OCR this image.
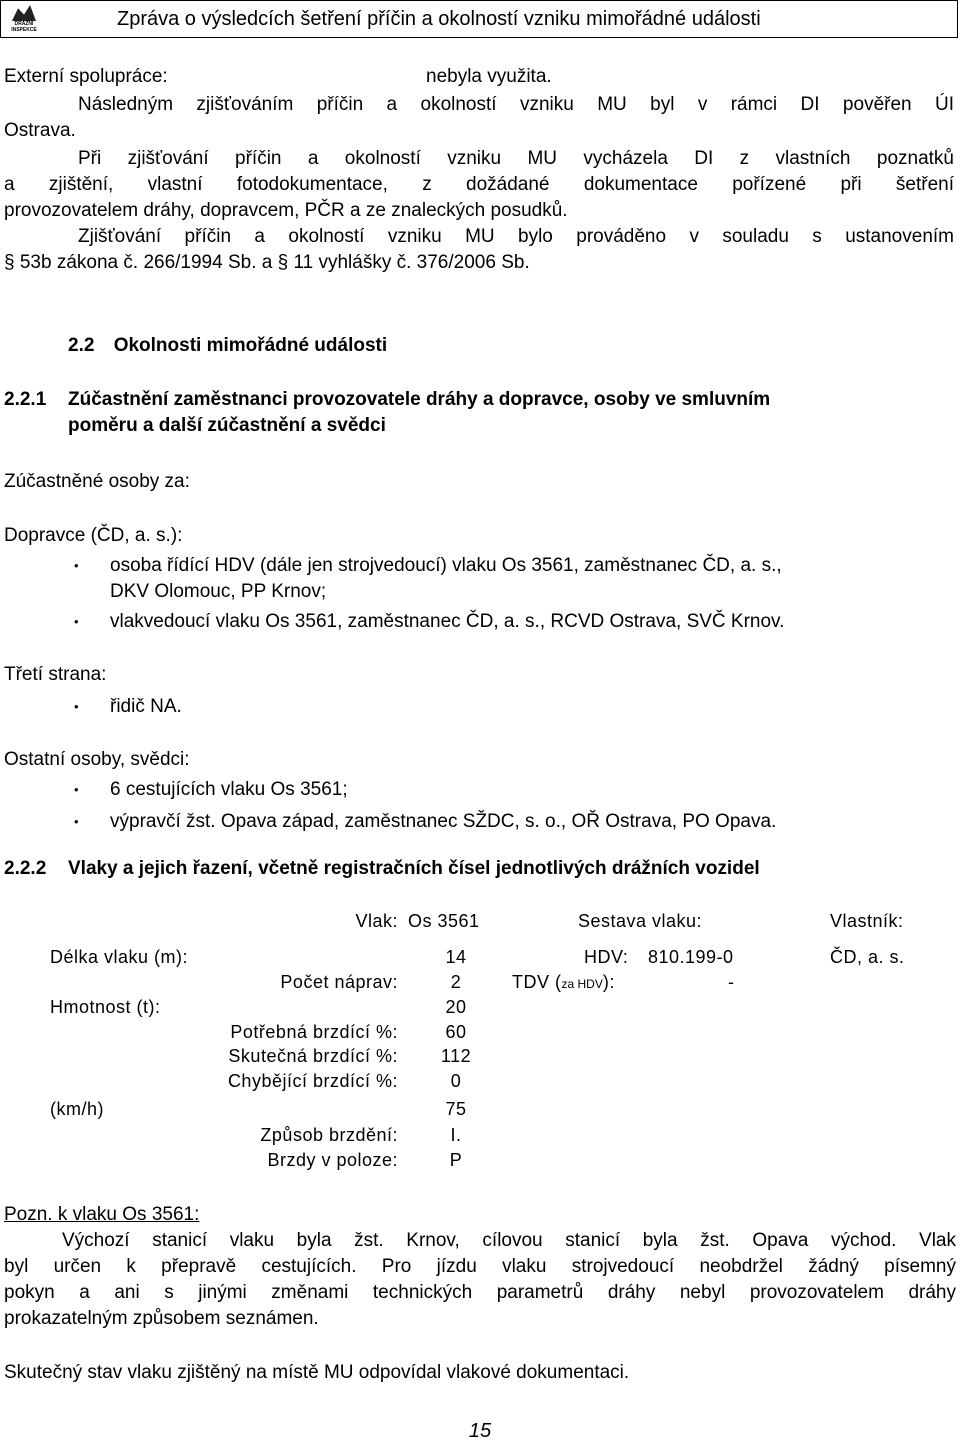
DRÁŽNÍ INSPEKCE	Zpráva o výsledcích šetření příčin a okolností vzniku mimořádné události
Externí spolupráce:	nebyla využita.
Následným zjišťováním příčin a okolností vzniku MU byl v rámci DI pověřen ÚI
Ostrava.
Při zjišťování příčin a okolností vzniku MU vycházela DI z vlastních poznatků
a zjištění, vlastní fotodokumentace, z dožádané dokumentace pořízené při šetření
provozovatelem dráhy, dopravcem, PČR a ze znaleckých posudků.
Zjišťování příčin a okolností vzniku MU bylo prováděno v souladu s ustanovením
§ 53b zákona č. 266/1994 Sb. a § 11 vyhlášky č. 376/2006 Sb.
2.2 Okolnosti mimořádné události
2.2.1 Zúčastnění zaměstnanci provozovatele dráhy a dopravce, osoby ve smluvním
poměru a další zúčastnění a svědci
Zúčastněné osoby za:
Dopravce (ČD, a. s.):
• osoba řídící HDV (dále jen strojvedoucí) vlaku Os 3561, zaměstnanec ČD, a. s.,
DKV Olomouc, PP Krnov;
• vlakvedoucí vlaku Os 3561, zaměstnanec ČD, a. s., RCVD Ostrava, SVČ Krnov.
Třetí strana:
• řidič NA.
Ostatní osoby, svědci:
• 6 cestujících vlaku Os 3561;
• výpravčí žst. Opava západ, zaměstnanec SŽDC, s. o., OŘ Ostrava, PO Opava.
2.2.2 Vlaky a jejich řazení, včetně registračních čísel jednotlivých drážních vozidel
Vlak: Os 3561	Sestava vlaku:	Vlastník:
Délka vlaku (m):	14	HDV: 810.199-0	ČD, a. s.
Počet náprav:	2	TDV (za HDV):	-
Hmotnost (t):	20
Potřebná brzdící %:	60
Skutečná brzdící %:	112
Chybějící brzdící %:	0
(km/h)	75
Způsob brzdění:	I.
Brzdy v poloze:	P
Pozn. k vlaku Os 3561:
Výchozí stanicí vlaku byla žst. Krnov, cílovou stanicí byla žst. Opava východ. Vlak
byl určen k přepravě cestujících. Pro jízdu vlaku strojvedoucí neobdržel žádný písemný
pokyn a ani s jinými změnami technických parametrů dráhy nebyl provozovatelem dráhy
prokazatelným způsobem seznámen.
Skutečný stav vlaku zjištěný na místě MU odpovídal vlakové dokumentaci.
15
